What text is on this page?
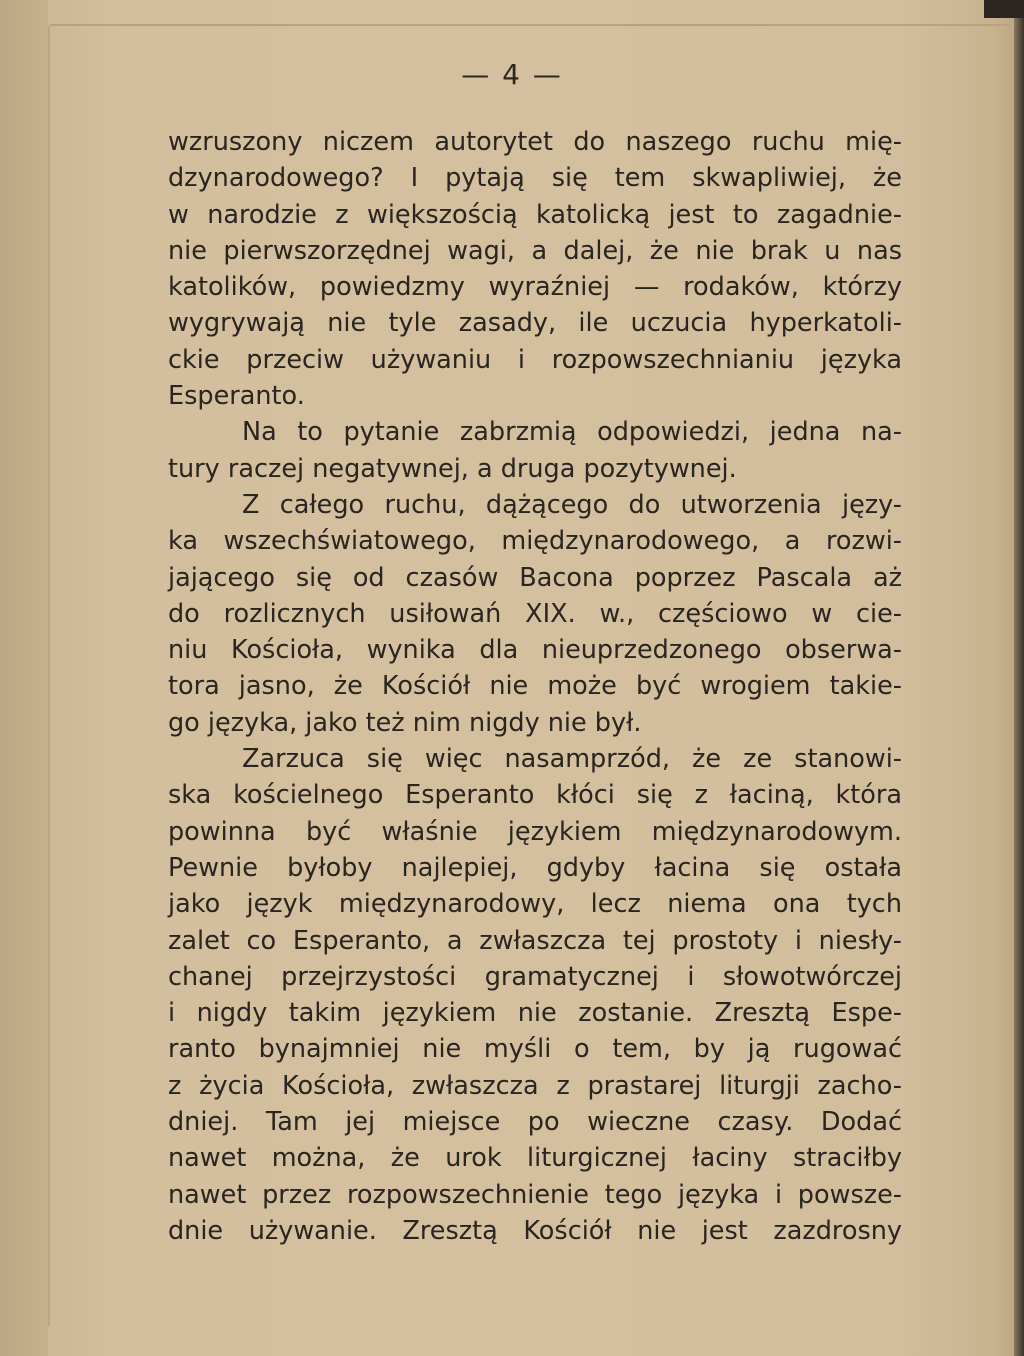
— 4 —
wzruszony niczem autorytet do naszego ruchu mię-
dzynarodowego? I pytają się tem skwapliwiej, że
w narodzie z większością katolicką jest to zagadnie-
nie pierwszorzędnej wagi, a dalej, że nie brak u nas
katolików, powiedzmy wyraźniej — rodaków, którzy
wygrywają nie tyle zasady, ile uczucia hyperkatoli-
ckie przeciw używaniu i rozpowszechnianiu języka
Esperanto.
Na to pytanie zabrzmią odpowiedzi, jedna na-
tury raczej negatywnej, a druga pozytywnej.
Z całego ruchu, dążącego do utworzenia języ-
ka wszechświatowego, międzynarodowego, a rozwi-
jającego się od czasów Bacona poprzez Pascala aż
do rozlicznych usiłowań XIX. w., częściowo w cie-
niu Kościoła, wynika dla nieuprzedzonego obserwa-
tora jasno, że Kościół nie może być wrogiem takie-
go języka, jako też nim nigdy nie był.
Zarzuca się więc nasamprzód, że ze stanowi-
ska kościelnego Esperanto kłóci się z łaciną, która
powinna być właśnie językiem międzynarodowym.
Pewnie byłoby najlepiej, gdyby łacina się ostała
jako język międzynarodowy, lecz niema ona tych
zalet co Esperanto, a zwłaszcza tej prostoty i niesły-
chanej przejrzystości gramatycznej i słowotwórczej
i nigdy takim językiem nie zostanie. Zresztą Espe-
ranto bynajmniej nie myśli o tem, by ją rugować
z życia Kościoła, zwłaszcza z prastarej liturgji zacho-
dniej. Tam jej miejsce po wieczne czasy. Dodać
nawet można, że urok liturgicznej łaciny straciłby
nawet przez rozpowszechnienie tego języka i powsze-
dnie używanie. Zresztą Kościół nie jest zazdrosny
